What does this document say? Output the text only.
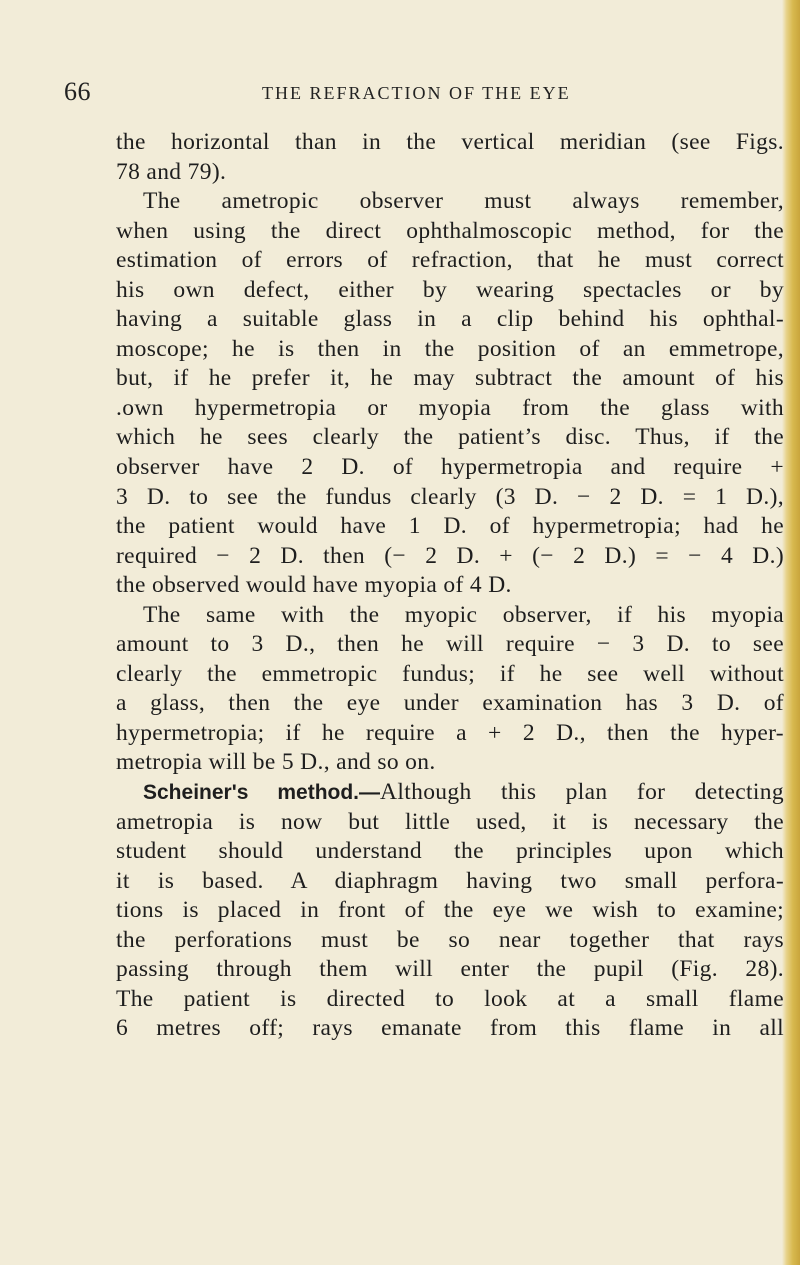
66	THE REFRACTION OF THE EYE
the horizontal than in the vertical meridian (see Figs.
78 and 79).
The ametropic observer must always remember,
when using the direct ophthalmoscopic method, for the
estimation of errors of refraction, that he must correct
his own defect, either by wearing spectacles or by
having a suitable glass in a clip behind his ophthal-
moscope; he is then in the position of an emmetrope,
but, if he prefer it, he may subtract the amount of his
.own hypermetropia or myopia from the glass with
which he sees clearly the patient’s disc. Thus, if the
observer have 2 D. of hypermetropia and require +
3 D. to see the fundus clearly (3 D. − 2 D. = 1 D.),
the patient would have 1 D. of hypermetropia; had he
required − 2 D. then (− 2 D. + (− 2 D.) = − 4 D.)
the observed would have myopia of 4 D.
The same with the myopic observer, if his myopia
amount to 3 D., then he will require − 3 D. to see
clearly the emmetropic fundus; if he see well without
a glass, then the eye under examination has 3 D. of
hypermetropia; if he require a + 2 D., then the hyper-
metropia will be 5 D., and so on.
Scheiner's method.—Although this plan for detecting
ametropia is now but little used, it is necessary the
student should understand the principles upon which
it is based. A diaphragm having two small perfora-
tions is placed in front of the eye we wish to examine;
the perforations must be so near together that rays
passing through them will enter the pupil (Fig. 28).
The patient is directed to look at a small flame
6 metres off; rays emanate from this flame in all
